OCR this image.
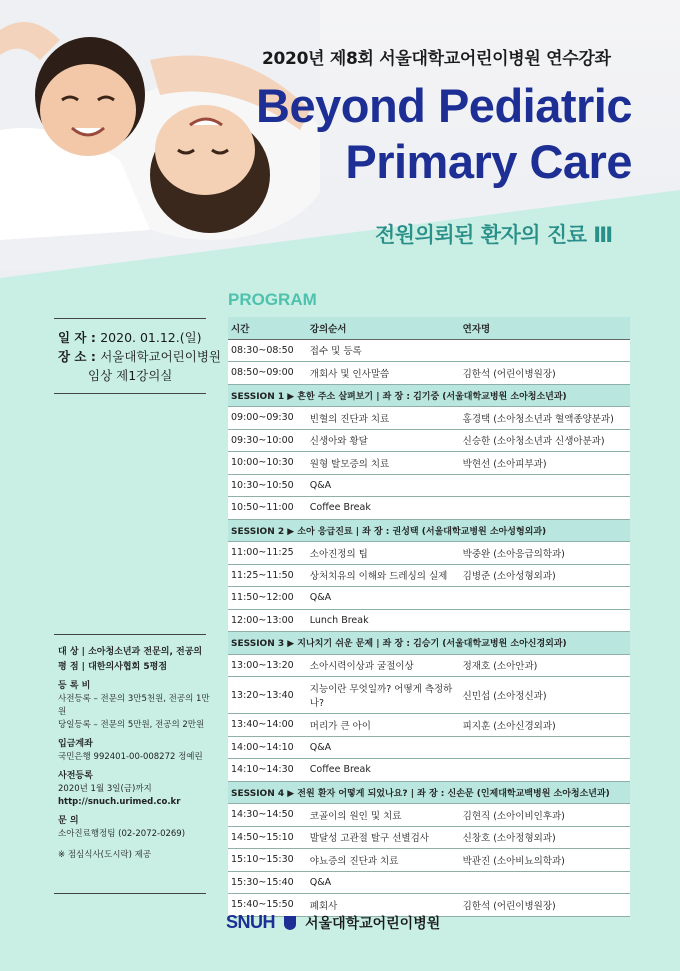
2020년 제8회 서울대학교어린이병원 연수강좌
Beyond Pediatric
Primary Care
전원의뢰된 환자의 진료 Ⅲ
PROGRAM
일 자 : 2020. 01.12.(일)
장 소 : 서울대학교어린이병원
임상 제1강의실
대 상 | 소아청소년과 전문의, 전공의
평 점 | 대한의사협회 5평점
등 록 비
사전등록 – 전문의 3만5천원, 전공의 1만원
당일등록 – 전문의 5만원, 전공의 2만원
입금계좌
국민은행 992401-00-008272 정예린
사전등록
2020년 1월 3일(금)까지
http://snuch.urimed.co.kr
문 의
소아진료행정팀 (02-2072-0269)
※ 점심식사(도시락) 제공
시간	강의순서	연자명
08:30~08:50	접수 및 등록	
08:50~09:00	개회사 및 인사말씀	김한석 (어린이병원장)
SESSION 1 ▶ 흔한 주소 살펴보기 | 좌 장 : 김기중 (서울대학교병원 소아청소년과)		
09:00~09:30	빈혈의 진단과 치료	홍경택 (소아청소년과 혈액종양분과)
09:30~10:00	신생아와 황달	신승한 (소아청소년과 신생아분과)
10:00~10:30	원형 탈모증의 치료	박현선 (소아피부과)
10:30~10:50	Q&A	
10:50~11:00	Coffee Break	
SESSION 2 ▶ 소아 응급진료 | 좌 장 : 권성택 (서울대학교병원 소아성형외과)		
11:00~11:25	소아진정의 팁	박중완 (소아응급의학과)
11:25~11:50	상처치유의 이해와 드레싱의 실제	김병준 (소아성형외과)
11:50~12:00	Q&A	
12:00~13:00	Lunch Break	
SESSION 3 ▶ 지나치기 쉬운 문제 | 좌 장 : 김승기 (서울대학교병원 소아신경외과)		
13:00~13:20	소아시력이상과 굴절이상	정재호 (소아안과)
13:20~13:40	지능이란 무엇일까? 어떻게 측정하나?	신민섭 (소아정신과)
13:40~14:00	머리가 큰 아이	피지훈 (소아신경외과)
14:00~14:10	Q&A	
14:10~14:30	Coffee Break	
SESSION 4 ▶ 전원 환자 어떻게 되었나요? | 좌 장 : 신손문 (인제대학교백병원 소아청소년과)		
14:30~14:50	코골이의 원인 및 치료	김현직 (소아이비인후과)
14:50~15:10	발달성 고관절 탈구 선별검사	신창호 (소아정형외과)
15:10~15:30	야뇨증의 진단과 치료	박관진 (소아비뇨의학과)
15:30~15:40	Q&A	
15:40~15:50	폐회사	김한석 (어린이병원장)
SNUH 서울대학교어린이병원
